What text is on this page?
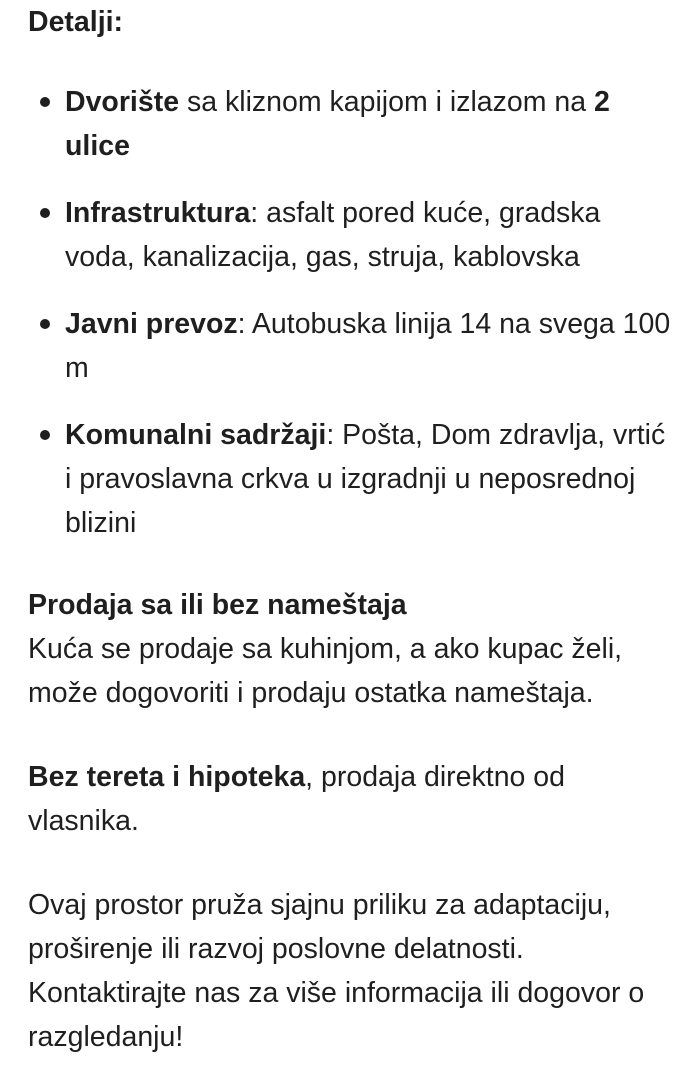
Detalji:
Dvorište sa kliznom kapijom i izlazom na 2 ulice
Infrastruktura: asfalt pored kuće, gradska voda, kanalizacija, gas, struja, kablovska
Javni prevoz: Autobuska linija 14 na svega 100 m
Komunalni sadržaji: Pošta, Dom zdravlja, vrtić i pravoslavna crkva u izgradnji u neposrednoj blizini
Prodaja sa ili bez nameštaja
Kuća se prodaje sa kuhinjom, a ako kupac želi, može dogovoriti i prodaju ostatka nameštaja.
Bez tereta i hipoteka, prodaja direktno od vlasnika.
Ovaj prostor pruža sjajnu priliku za adaptaciju, proširenje ili razvoj poslovne delatnosti. Kontaktirajte nas za više informacija ili dogovor o razgledanju!
